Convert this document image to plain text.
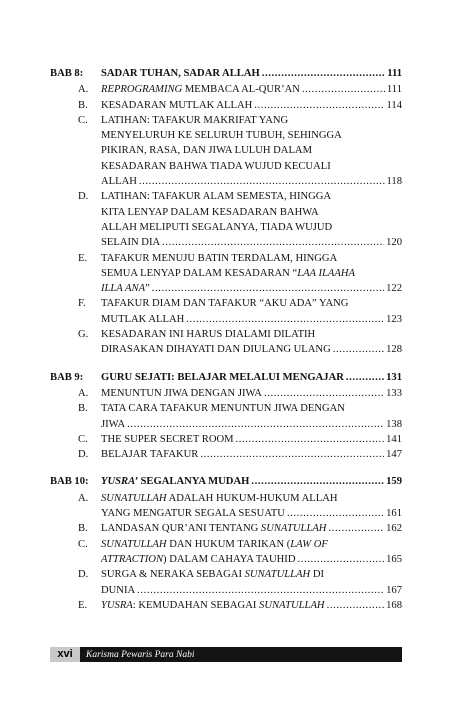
BAB 8: SADAR TUHAN, SADAR ALLAH .....	111
A. REPROGRAMING MEMBACA AL-QUR’AN .....	111
B. KESADARAN MUTLAK ALLAH .....	114
C. LATIHAN: TAFAKUR MAKRIFAT YANG
MENYELURUH KE SELURUH TUBUH, SEHINGGA
PIKIRAN, RASA, DAN JIWA LULUH DALAM
KESADARAN BAHWA TIADA WUJUD KECUALI
ALLAH .....	118
D. LATIHAN: TAFAKUR ALAM SEMESTA, HINGGA
KITA LENYAP DALAM KESADARAN BAHWA
ALLAH MELIPUTI SEGALANYA, TIADA WUJUD
SELAIN DIA .....	120
E. TAFAKUR MENUJU BATIN TERDALAM, HINGGA
SEMUA LENYAP DALAM KESADARAN “LAA ILAAHA
ILLA ANA” .....	122
F. TAFAKUR DIAM DAN TAFAKUR “AKU ADA” YANG
MUTLAK ALLAH .....	123
G. KESADARAN INI HARUS DIALAMI DILATIH
DIRASAKAN DIHAYATI DAN DIULANG ULANG .....	128
BAB 9: GURU SEJATI: BELAJAR MELALUI MENGAJAR .....	131
A. MENUNTUN JIWA DENGAN JIWA .....	133
B. TATA CARA TAFAKUR MENUNTUN JIWA DENGAN
JIWA .....	138
C. THE SUPER SECRET ROOM .....	141
D. BELAJAR TAFAKUR .....	147
BAB 10: YUSRA’ SEGALANYA MUDAH .....	159
A. SUNATULLAH ADALAH HUKUM-HUKUM ALLAH
YANG MENGATUR SEGALA SESUATU .....	161
B. LANDASAN QUR’ANI TENTANG SUNATULLAH .....	162
C. SUNATULLAH DAN HUKUM TARIKAN (LAW OF
ATTRACTION) DALAM CAHAYA TAUHID .....	165
D. SURGA & NERAKA SEBAGAI SUNATULLAH DI
DUNIA .....	167
E. YUSRA: KEMUDAHAN SEBAGAI SUNATULLAH .....	168
xvi	Karisma Pewaris Para Nabi
